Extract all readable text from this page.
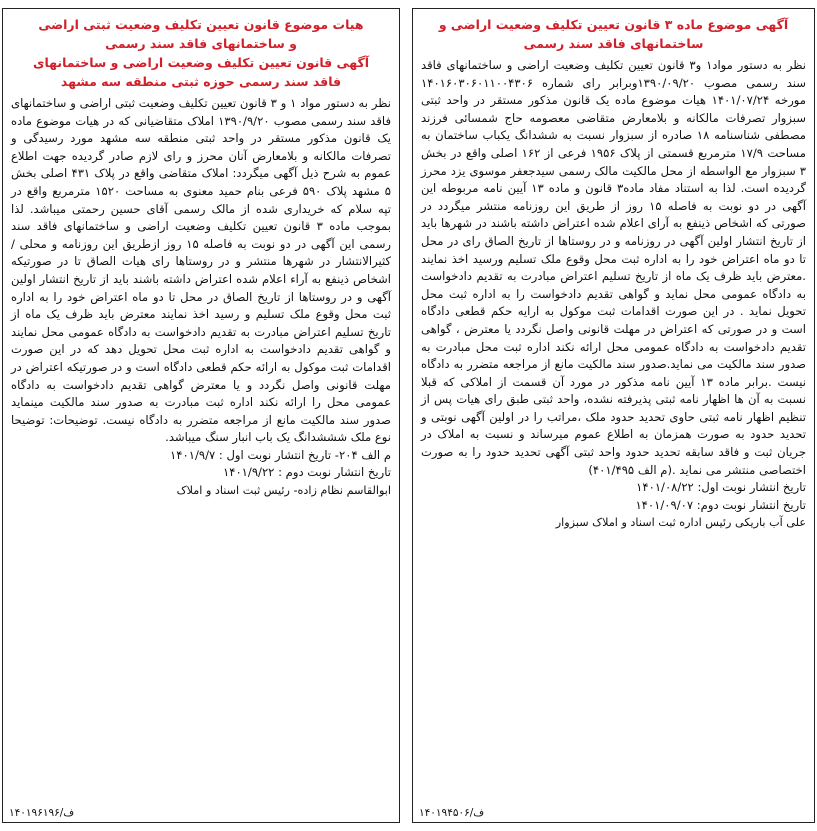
هیات موضوع قانون تعیین تکلیف وضعیت ثبتی اراضی
و ساختمانهای فاقد سند رسمی
آگهی قانون تعیین تکلیف وضعیت اراضی و ساختمانهای
فاقد سند رسمی حوزه ثبتی منطقه سه مشهد

نظر به دستور مواد ۱ و ۳ قانون تعیین تکلیف وضعیت ثبتی اراضی و ساختمانهای فاقد سند رسمی مصوب ۱۳۹۰/۹/۲۰ املاک متقاضیانی که در هیات موضوع ماده یک قانون مذکور مستقر در واحد ثبتی منطقه سه مشهد مورد رسیدگی و تصرفات مالکانه و بلامعارض آنان محرز و رای لازم صادر گردیده جهت اطلاع عموم به شرح ذیل آگهی میگردد: املاک متقاضی واقع در پلاک ۴۳۱ اصلی بخش ۵ مشهد پلاک ۵۹۰ فرعی بنام حمید معنوی به مساحت ۱۵۲۰ مترمربع واقع در تپه سلام که خریداری شده از مالک رسمی آقای حسین رحمتی میباشد. لذا بموجب ماده ۳ قانون تعیین تکلیف وضعیت اراضی و ساختمانهای فاقد سند رسمی این آگهی در دو نوبت به فاصله ۱۵ روز ازطریق این روزنامه و محلی /کثیرالانتشار در شهرها منتشر و در روستاها رای هیات الصاق تا در صورتیکه اشخاص ذینفع به آراء اعلام شده اعتراض داشته باشند باید از تاریخ انتشار اولین آگهی و در روستاها از تاریخ الصاق در محل تا دو ماه اعتراض خود را به اداره ثبت محل وقوع ملک تسلیم و رسید اخذ نمایند معترض باید ظرف یک ماه از تاریخ تسلیم اعتراض مبادرت به تقدیم دادخواست به دادگاه عمومی محل نمایند و گواهی تقدیم دادخواست به اداره ثبت محل تحویل دهد که در این صورت اقدامات ثبت موکول به ارائه حکم قطعی دادگاه است و در صورتیکه اعتراض در مهلت قانونی واصل نگردد و یا معترض گواهی تقدیم دادخواست به دادگاه عمومی محل را ارائه نکند اداره ثبت مبادرت به صدور سند مالکیت مینماید صدور سند مالکیت مانع از مراجعه متضرر به دادگاه نیست. توضیحات: توضیحا نوع ملک شششدانگ یک باب انبار سنگ میباشد.

م الف ۲۰۴- تاریخ انتشار نوبت اول : ۱۴۰۱/۹/۷
تاریخ انتشار نوبت دوم : ۱۴۰۱/۹/۲۲
ابوالقاسم نظام زاده- رئیس ثبت اسناد و املاک
۱۴۰۱۹۶۱۹۶/ف
آگهی موضوع ماده ۳ قانون تعیین تکلیف وضعیت اراضی و
ساختمانهای فاقد سند رسمی

نظر به دستور مواد۱ و۳ قانون تعیین تکلیف وضعیت اراضی و ساختمانهای فاقد سند رسمی مصوب ۱۳۹۰/۰۹/۲۰وبرابر رای شماره ۱۴۰۱۶۰۳۰۶۰۱۱۰۰۴۳۰۶ مورخه ۱۴۰۱/۰۷/۲۴ هیات موضوع ماده یک قانون مذکور مستقر در واحد ثبتی سبزوار تصرفات مالکانه و بلامعارض متقاضی معصومه حاج شمسائی فرزند مصطفی شناسنامه ۱۸ صادره از سبزوار نسبت به ششدانگ یکباب ساختمان به مساحت ۱۷/۹ مترمربع قسمتی از پلاک ۱۹۵۶ فرعی از ۱۶۲ اصلی واقع در بخش ۳ سبزوار مع الواسطه از محل مالکیت مالک رسمی سیدجعفر موسوی یزد محرز گردیده است. لذا به استناد مفاد ماده۳ قانون و ماده ۱۳ آیین نامه مربوطه این آگهی در دو نوبت به فاصله ۱۵ روز از طریق این روزنامه منتشر میگردد در صورتی که اشخاص ذینفع به آرای اعلام شده اعتراض داشته باشند در شهرها باید از تاریخ انتشار اولین آگهی در روزنامه و در روستاها از تاریخ الصاق رای در محل تا دو ماه اعتراض خود را به اداره ثبت محل وقوع ملک تسلیم ورسید اخذ نمایند .معترض باید ظرف یک ماه از تاریخ تسلیم اعتراض مبادرت به تقدیم دادخواست به دادگاه عمومی محل نماید و گواهی تقدیم دادخواست را به اداره ثبت محل تحویل نماید . در این صورت اقدامات ثبت موکول به ارایه حکم قطعی دادگاه است و در صورتی که اعتراض در مهلت قانونی واصل نگردد یا معترض ، گواهی تقدیم دادخواست به دادگاه عمومی محل ارائه نکند اداره ثبت محل مبادرت به صدور سند مالکیت می نماید.صدور سند مالکیت مانع از مراجعه متضرر به دادگاه نیست .برابر ماده ۱۳ آیین نامه مذکور در مورد آن قسمت از املاکی که قبلا نسبت به آن ها اظهار نامه ثبتی پذیرفته نشده، واحد ثبتی طبق رای هیات پس از تنظیم اظهار نامه ثبتی حاوی تحدید حدود ملک ،مراتب را در اولین آگهی نوبتی و تحدید حدود به صورت همزمان به اطلاع عموم میرساند و نسبت به املاک در جریان ثبت و فاقد سابقه تحدید حدود واحد ثبتی آگهی تحدید حدود را به صورت اختصاصی منتشر می نماید .(م الف ۴۰۱/۴۹۵)

تاریخ انتشار نوبت اول: ۱۴۰۱/۰۸/۲۲
تاریخ انتشار نوبت دوم: ۱۴۰۱/۰۹/۰۷
علی آب باریکی رئیس اداره ثبت اسناد و املاک سبزوار
۱۴۰۱۹۴۵۰۶/ف
